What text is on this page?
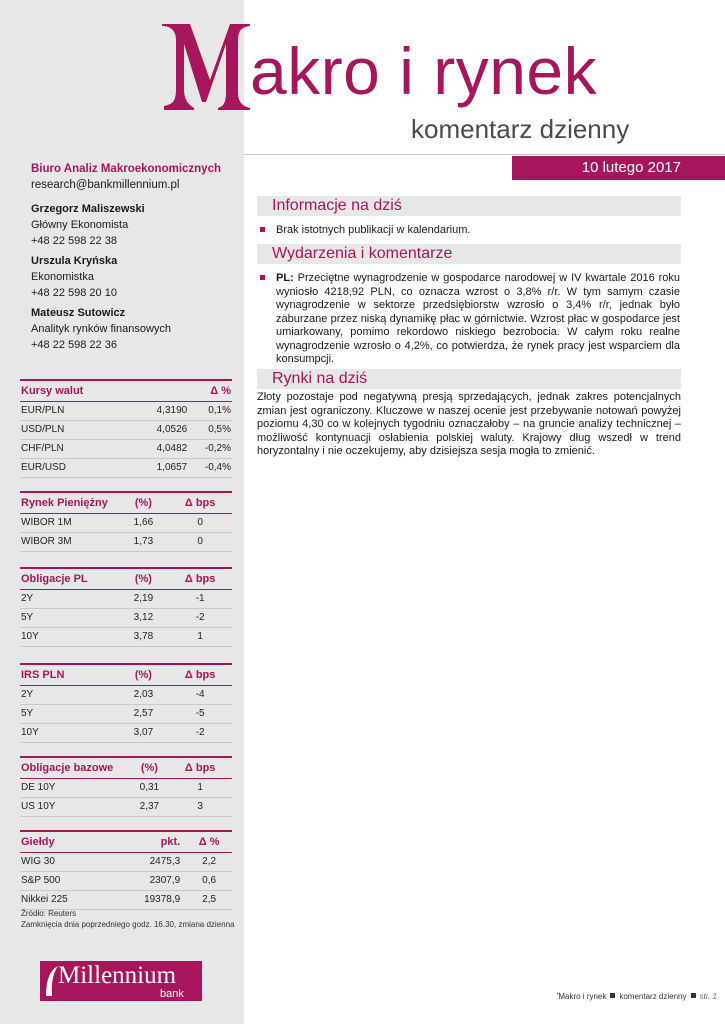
akro i rynek
komentarz dzienny
10 lutego 2017
Biuro Analiz Makroekonomicznych
research@bankmillennium.pl
Grzegorz Maliszewski
Główny Ekonomista
+48 22 598 22 38
Urszula Kryńska
Ekonomistka
+48 22 598 20 10
Mateusz Sutowicz
Analityk rynków finansowych
+48 22 598 22 36
Kursy walut	Δ %
EUR/PLN	4,3190	0,1%
USD/PLN	4,0526	0,5%
CHF/PLN	4,0482	-0,2%
EUR/USD	1,0657	-0,4%
Rynek Pieniężny	(%)	Δ bps
WIBOR 1M	1,66	0
WIBOR 3M	1,73	0
Obligacje PL	(%)	Δ bps
2Y	2,19	-1
5Y	3,12	-2
10Y	3,78	1
IRS PLN	(%)	Δ bps
2Y	2,03	-4
5Y	2,57	-5
10Y	3,07	-2
Obligacje bazowe	(%)	Δ bps
DE 10Y	0,31	1
US 10Y	2,37	3
Giełdy	pkt.	Δ %
WIG 30	2475,3	2,2
S&P 500	2307,9	0,6
Nikkei 225	19378,9	2,5
Źródło: Reuters
Zamknięcia dnia poprzedniego godz. 16.30, zmiana dzienna
Informacje na dziś
Brak istotnych publikacji w kalendarium.
Wydarzenia i komentarze
PL: Przeciętne wynagrodzenie w gospodarce narodowej w IV kwartale 2016 roku wyniosło 4218,92 PLN, co oznacza wzrost o 3,8% r/r. W tym samym czasie wynagrodzenie w sektorze przedsiębiorstw wzrosło o 3,4% r/r, jednak było zaburzane przez niską dynamikę płac w górnictwie. Wzrost płac w gospodarce jest umiarkowany, pomimo rekordowo niskiego bezrobocia. W całym roku realne wynagrodzenie wzrosło o 4,2%, co potwierdza, że rynek pracy jest wsparciem dla konsumpcji.
Rynki na dziś
Złoty pozostaje pod negatywną presją sprzedających, jednak zakres potencjalnych zmian jest ograniczony. Kluczowe w naszej ocenie jest przebywanie notowań powyżej poziomu 4,30 co w kolejnych tygodniu oznaczałoby – na gruncie analizy technicznej – możliwość kontynuacji osłabienia polskiej waluty. Krajowy dług wszedł w trend horyzontalny i nie oczekujemy, aby dzisiejsza sesja mogła to zmienić.
Millennium
bank	'Makro i rynek komentarz dzienny str. 1
